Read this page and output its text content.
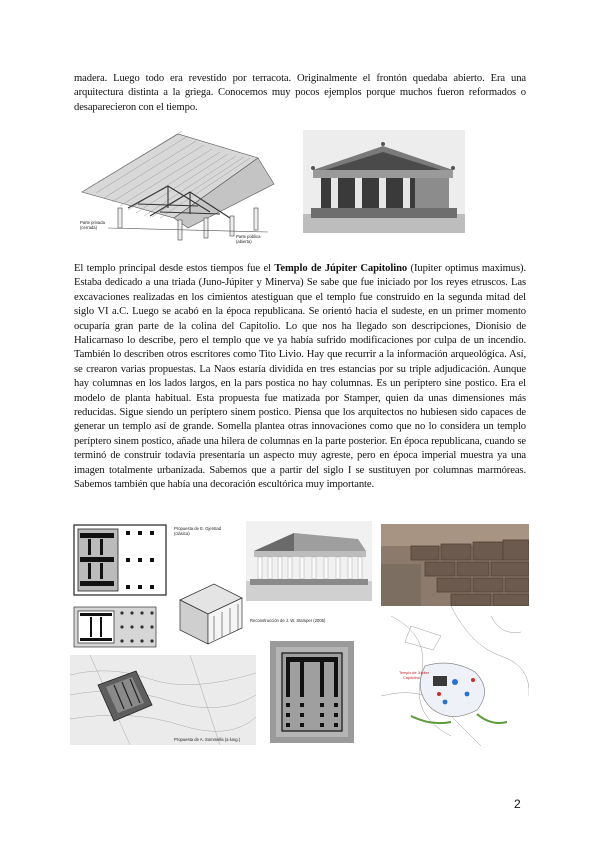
madera. Luego todo era revestido por terracota. Originalmente el frontón quedaba abierto. Era una arquitectura distinta a la griega. Conocemos muy pocos ejemplos porque muchos fueron reformados o desaparecieron con el tiempo.

Parte privada
(cerrada)
Parte pública
(abierta)

El templo principal desde estos tiempos fue el Templo de Júpiter Capitolino (Iupiter optimus maximus). Estaba dedicado a una triada (Juno-Júpiter y Minerva) Se sabe que fue iniciado por los reyes etruscos. Las excavaciones realizadas en los cimientos atestiguan que el templo fue construido en la segunda mitad del siglo VI a.C. Luego se acabó en la época republicana. Se orientó hacia el sudeste, en un primer momento ocuparía gran parte de la colina del Capitolio. Lo que nos ha llegado son descripciones, Dionisio de Halicarnaso lo describe, pero el templo que ve ya había sufrido modificaciones por culpa de un incendio. También lo describen otros escritores como Tito Livio. Hay que recurrir a la información arqueológica. Así, se crearon varias propuestas. La Naos estaría dividida en tres estancias por su triple adjudicación. Aunque hay columnas en los lados largos, en la pars postica no hay columnas. Es un períptero sine postico. Era el modelo de planta habitual. Esta propuesta fue matizada por Stamper, quien da unas dimensiones más reducidas. Sigue siendo un períptero sinem postico. Piensa que los arquitectos no hubiesen sido capaces de generar un templo así de grande. Somella plantea otras innovaciones como que no lo considera un templo períptero sinem postico, añade una hilera de columnas en la parte posterior. En época republicana, cuando se terminó de construir todavía presentaría un aspecto muy agreste, pero en época imperial muestra ya una imagen totalmente urbanizada. Sabemos que a partir del siglo I se sustituyen por columnas marmóreas. Sabemos también que había una decoración escultórica muy importante.

Propuesta de E. Gjerstad
(clásica)
Reconstrucción de J. W. Stamper (2005)
Propuesta de A. Sommella (a lung.)
Templo de Júpiter
Capitolino
2
